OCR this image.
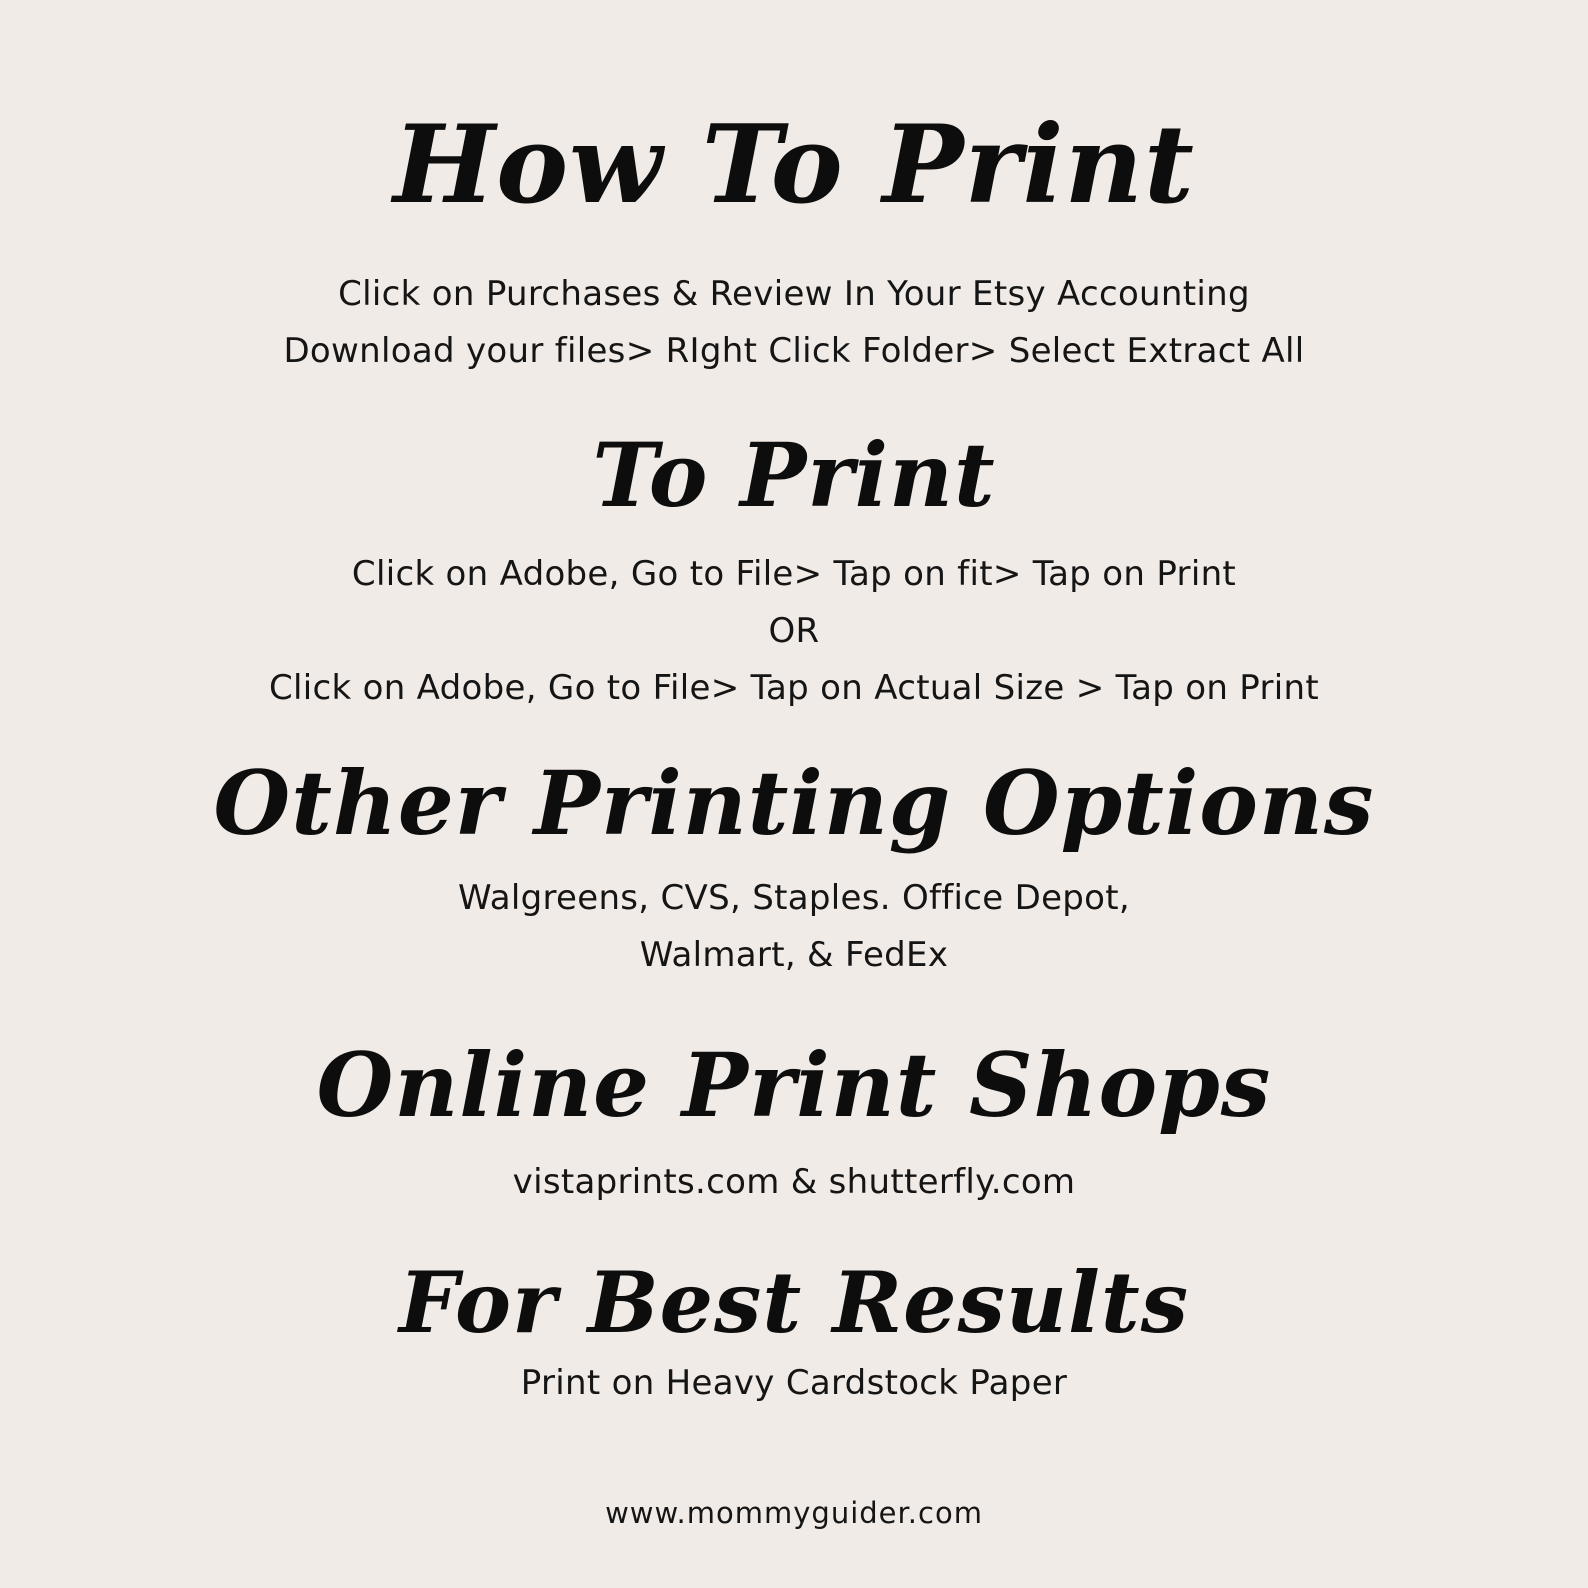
How To Print

Click on Purchases & Review In Your Etsy Accounting

Download your files> RIght Click Folder> Select Extract All

To Print

Click on Adobe, Go to File> Tap on fit> Tap on Print

OR

Click on Adobe, Go to File> Tap on Actual Size > Tap on Print

Other Printing Options

Walgreens, CVS, Staples. Office Depot,

Walmart, & FedEx

Online Print Shops

vistaprints.com & shutterfly.com

For Best Results

Print on Heavy Cardstock Paper

www.mommyguider.com
